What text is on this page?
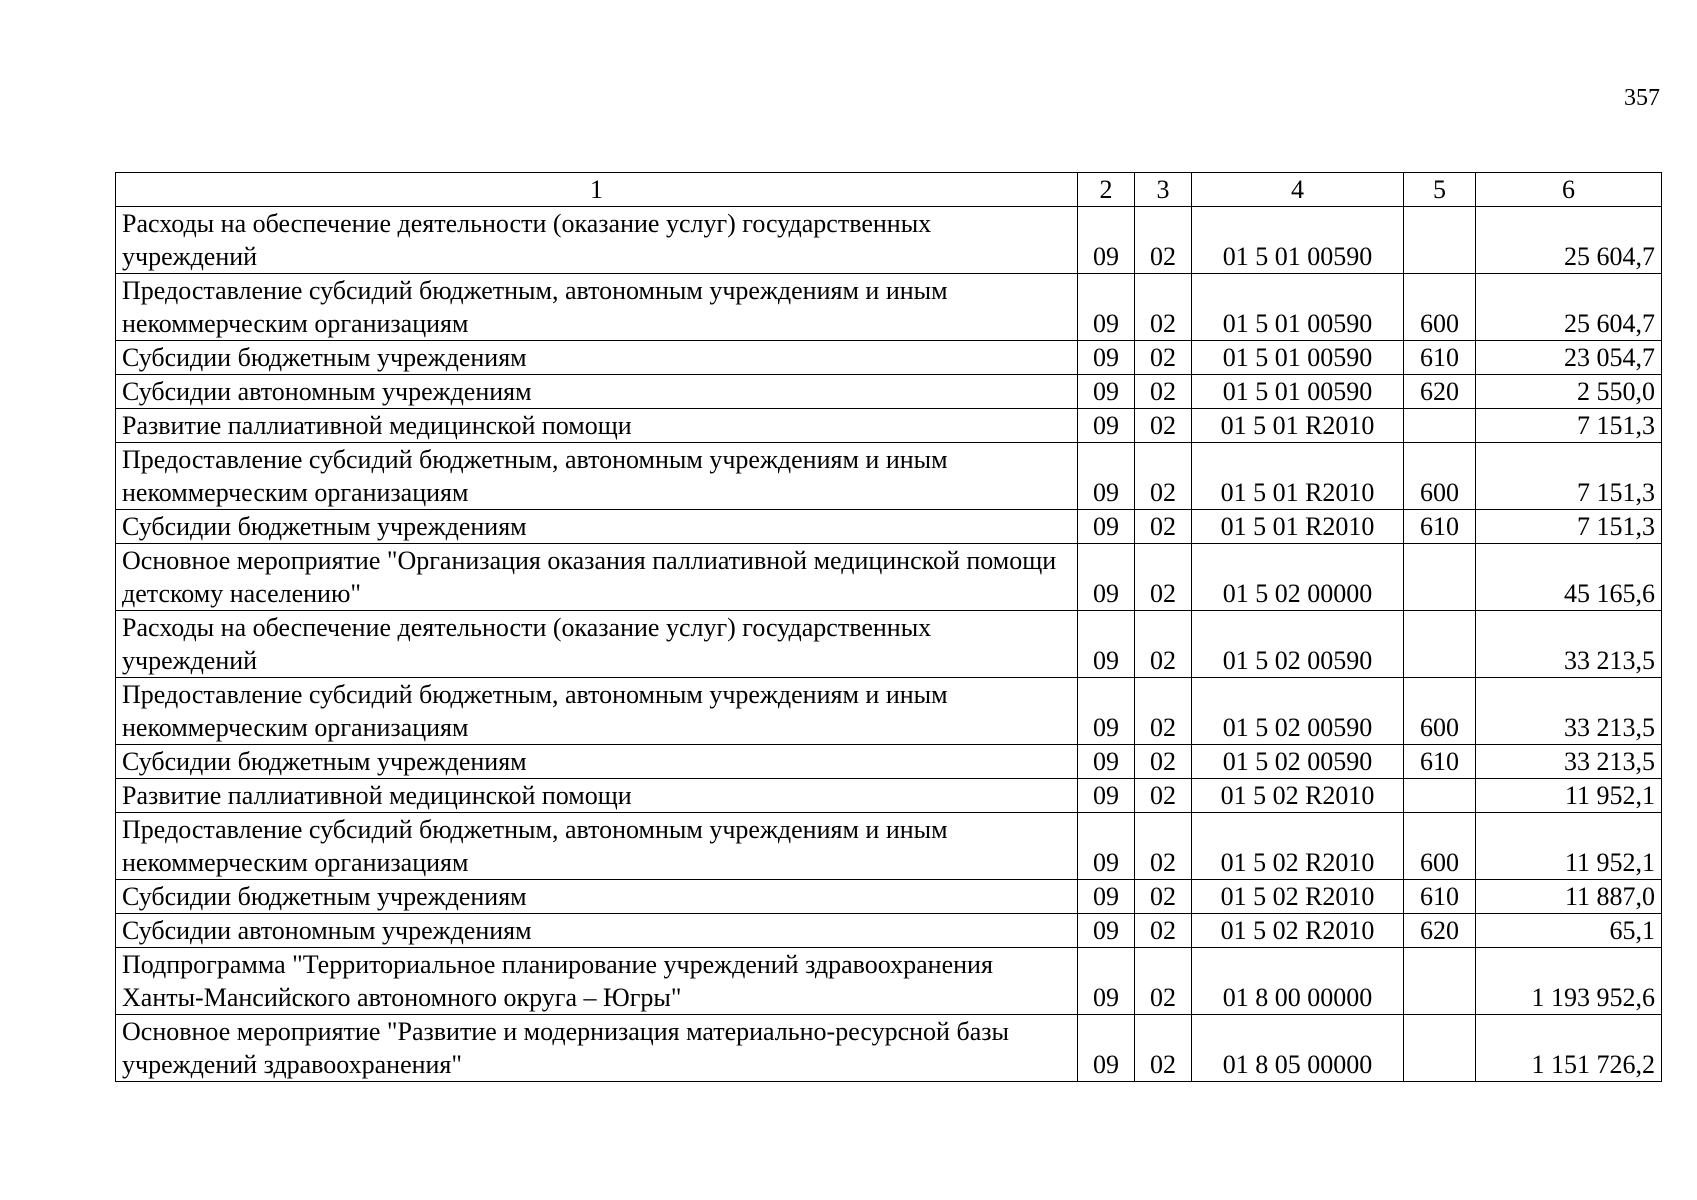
357
1	2	3	4	5	6
Расходы на обеспечение деятельности (оказание услуг) государственных учреждений	09	02	01 5 01 00590		25 604,7
Предоставление субсидий бюджетным, автономным учреждениям и иным некоммерческим организациям	09	02	01 5 01 00590	600	25 604,7
Субсидии бюджетным учреждениям	09	02	01 5 01 00590	610	23 054,7
Субсидии автономным учреждениям	09	02	01 5 01 00590	620	2 550,0
Развитие паллиативной медицинской помощи	09	02	01 5 01 R2010		7 151,3
Предоставление субсидий бюджетным, автономным учреждениям и иным некоммерческим организациям	09	02	01 5 01 R2010	600	7 151,3
Субсидии бюджетным учреждениям	09	02	01 5 01 R2010	610	7 151,3
Основное мероприятие "Организация оказания паллиативной медицинской помощи детскому населению"	09	02	01 5 02 00000		45 165,6
Расходы на обеспечение деятельности (оказание услуг) государственных учреждений	09	02	01 5 02 00590		33 213,5
Предоставление субсидий бюджетным, автономным учреждениям и иным некоммерческим организациям	09	02	01 5 02 00590	600	33 213,5
Субсидии бюджетным учреждениям	09	02	01 5 02 00590	610	33 213,5
Развитие паллиативной медицинской помощи	09	02	01 5 02 R2010		11 952,1
Предоставление субсидий бюджетным, автономным учреждениям и иным некоммерческим организациям	09	02	01 5 02 R2010	600	11 952,1
Субсидии бюджетным учреждениям	09	02	01 5 02 R2010	610	11 887,0
Субсидии автономным учреждениям	09	02	01 5 02 R2010	620	65,1
Подпрограмма "Территориальное планирование учреждений здравоохранения Ханты-Мансийского автономного округа – Югры"	09	02	01 8 00 00000		1 193 952,6
Основное мероприятие "Развитие и модернизация материально-ресурсной базы учреждений здравоохранения"	09	02	01 8 05 00000		1 151 726,2
